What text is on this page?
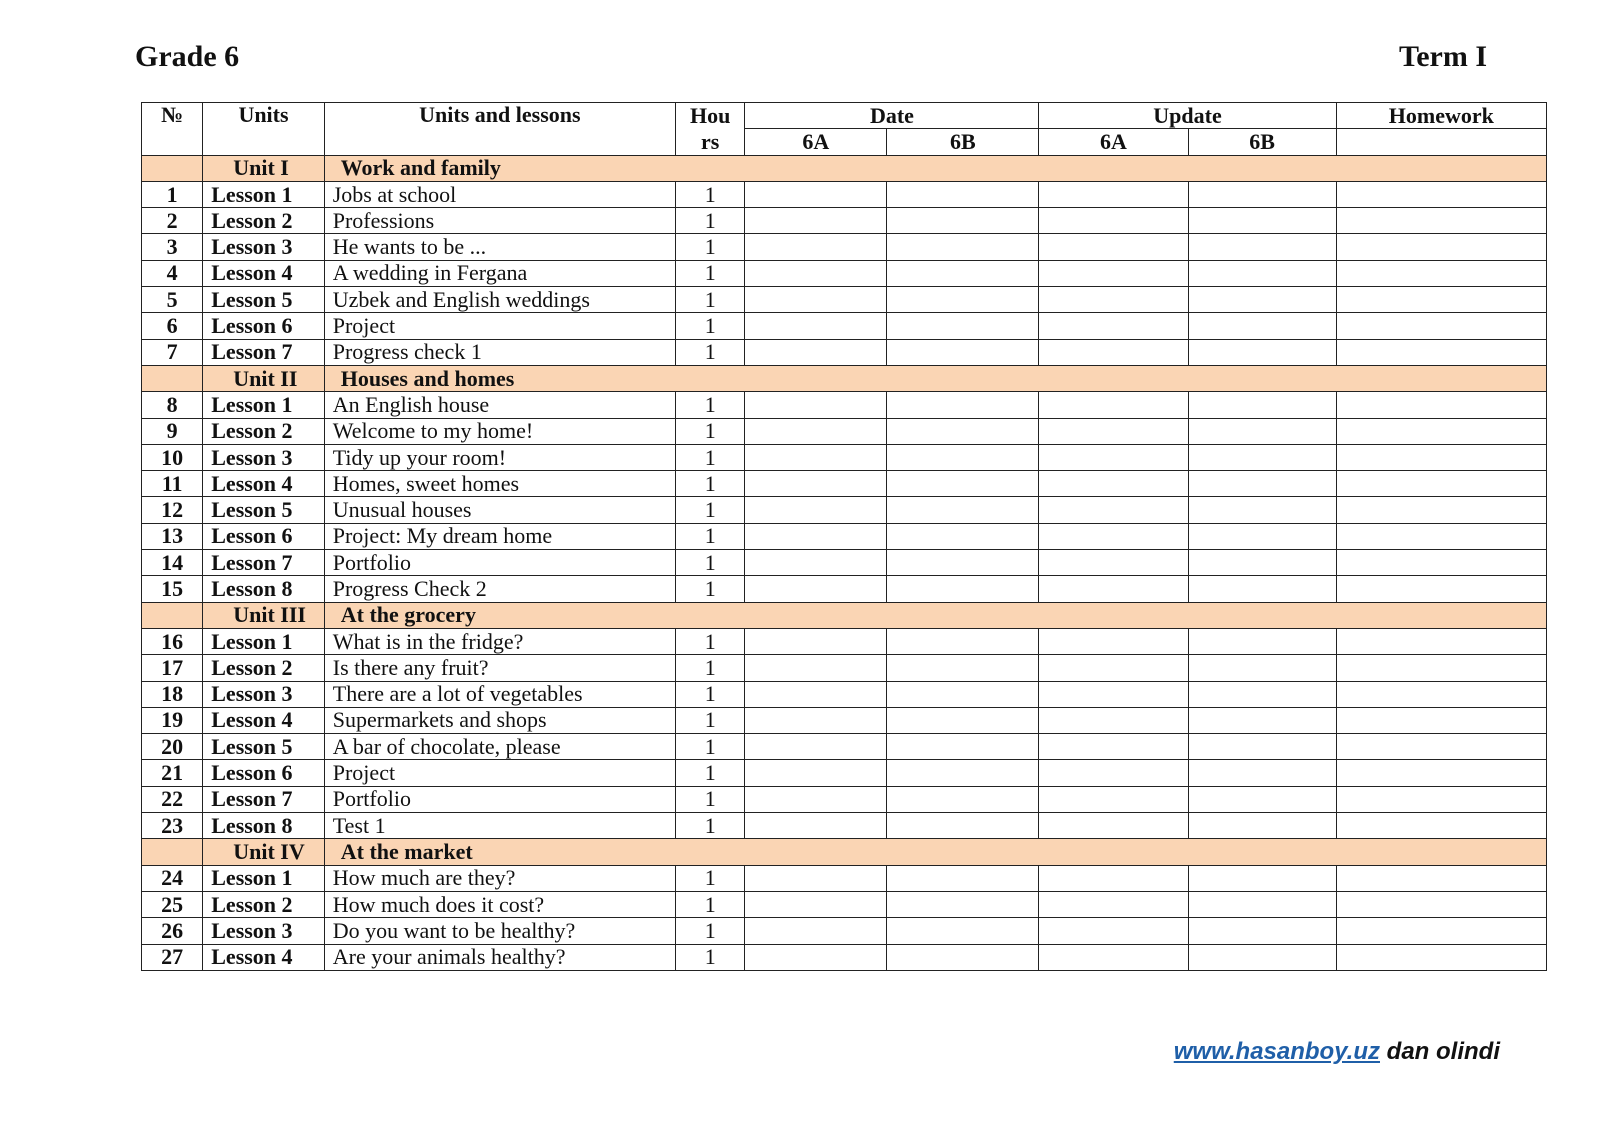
Grade 6	Term I
№	Units	Units and lessons	Hou	Date		Update		Homework
			rs	6A	6B	6A	6B	
	Unit I	Work and family						
1	Lesson 1	Jobs at school	1					
2	Lesson 2	Professions	1					
3	Lesson 3	He wants to be ...	1					
4	Lesson 4	A wedding in Fergana	1					
5	Lesson 5	Uzbek and English weddings	1					
6	Lesson 6	Project	1					
7	Lesson 7	Progress check 1	1					
	Unit II	Houses and homes						
8	Lesson 1	An English house	1					
9	Lesson 2	Welcome to my home!	1					
10	Lesson 3	Tidy up your room!	1					
11	Lesson 4	Homes, sweet homes	1					
12	Lesson 5	Unusual houses	1					
13	Lesson 6	Project: My dream home	1					
14	Lesson 7	Portfolio	1					
15	Lesson 8	Progress Check 2	1					
	Unit III	At the grocery						
16	Lesson 1	What is in the fridge?	1					
17	Lesson 2	Is there any fruit?	1					
18	Lesson 3	There are a lot of vegetables	1					
19	Lesson 4	Supermarkets and shops	1					
20	Lesson 5	A bar of chocolate, please	1					
21	Lesson 6	Project	1					
22	Lesson 7	Portfolio	1					
23	Lesson 8	Test 1	1					
	Unit IV	At the market						
24	Lesson 1	How much are they?	1					
25	Lesson 2	How much does it cost?	1					
26	Lesson 3	Do you want to be healthy?	1					
27	Lesson 4	Are your animals healthy?	1					
www.hasanboy.uz dan olindi
